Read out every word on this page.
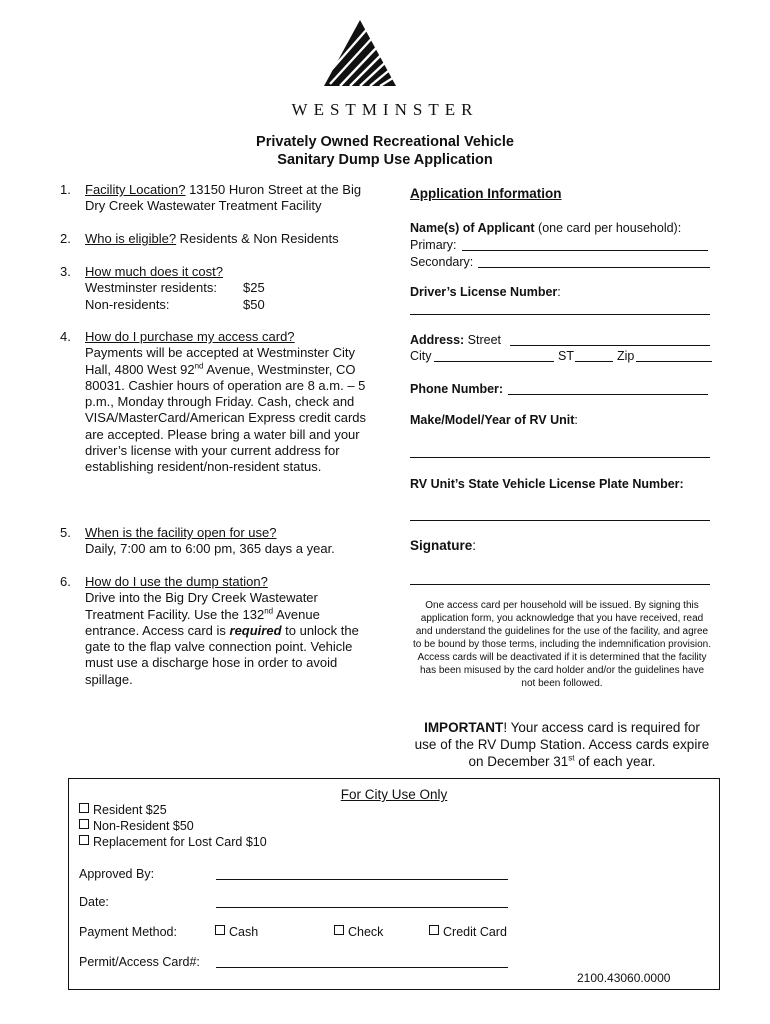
WESTMINSTER
Privately Owned Recreational Vehicle
Sanitary Dump Use Application
1. Facility Location? 13150 Huron Street at the Big Dry Creek Wastewater Treatment Facility
2. Who is eligible? Residents & Non Residents
3. How much does it cost?
Westminster residents: $25
Non-residents:	$50
4. How do I purchase my access card?
Payments will be accepted at Westminster City Hall, 4800 West 92nd Avenue, Westminster, CO 80031. Cashier hours of operation are 8 a.m. – 5 p.m., Monday through Friday. Cash, check and VISA/MasterCard/American Express credit cards are accepted. Please bring a water bill and your driver’s license with your current address for establishing resident/non-resident status.
5. When is the facility open for use?
Daily, 7:00 am to 6:00 pm, 365 days a year.
6. How do I use the dump station?
Drive into the Big Dry Creek Wastewater Treatment Facility. Use the 132nd Avenue entrance. Access card is required to unlock the gate to the flap valve connection point. Vehicle must use a discharge hose in order to avoid spillage.
Application Information
Name(s) of Applicant (one card per household):
Primary:
Secondary:
Driver’s License Number:
Address: Street
City	ST	Zip
Phone Number:
Make/Model/Year of RV Unit:
RV Unit’s State Vehicle License Plate Number:
Signature:
One access card per household will be issued. By signing this application form, you acknowledge that you have received, read and understand the guidelines for the use of the facility, and agree to be bound by those terms, including the indemnification provision. Access cards will be deactivated if it is determined that the facility has been misused by the card holder and/or the guidelines have not been followed.
IMPORTANT! Your access card is required for use of the RV Dump Station. Access cards expire on December 31st of each year.
For City Use Only
Resident $25
Non-Resident $50
Replacement for Lost Card $10
Approved By:
Date:
Payment Method:	Cash	Check	Credit Card
Permit/Access Card#:
2100.43060.0000
